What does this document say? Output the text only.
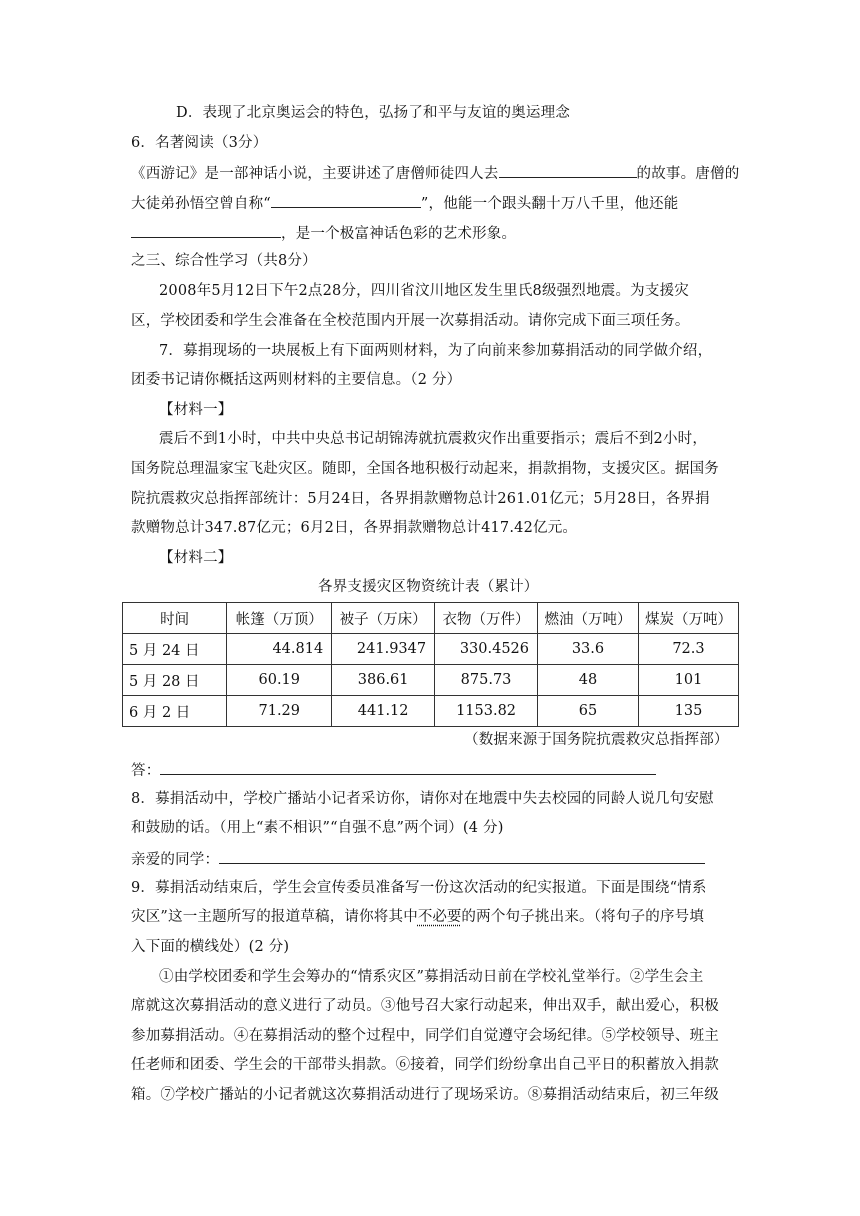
D．表现了北京奥运会的特色，弘扬了和平与友谊的奥运理念
6．名著阅读（3分）
《西游记》是一部神话小说，主要讲述了唐僧师徒四人去	的故事。唐僧的
大徒弟孙悟空曾自称“	”，他能一个跟头翻十万八千里，他还能
，是一个极富神话色彩的艺术形象。
之三、综合性学习（共8分）
2008年5月12日下午2点28分，四川省汶川地区发生里氏8级强烈地震。为支援灾
区，学校团委和学生会准备在全校范围内开展一次募捐活动。请你完成下面三项任务。
7．募捐现场的一块展板上有下面两则材料，为了向前来参加募捐活动的同学做介绍，
团委书记请你概括这两则材料的主要信息。（2 分）
【材料一】
震后不到1小时，中共中央总书记胡锦涛就抗震救灾作出重要指示；震后不到2小时，
国务院总理温家宝飞赴灾区。随即，全国各地积极行动起来，捐款捐物，支援灾区。据国务
院抗震救灾总指挥部统计：5月24日，各界捐款赠物总计261.01亿元；5月28日，各界捐
款赠物总计347.87亿元；6月2日，各界捐款赠物总计417.42亿元。
【材料二】
各界支援灾区物资统计表（累计）
时间	帐篷（万顶）	被子（万床）	衣物（万件）	燃油（万吨）	煤炭（万吨）
5 月 24 日	44.814	241.9347	330.4526	33.6	72.3
5 月 28 日	60.19	386.61	875.73	48	101
6 月 2 日	71.29	441.12	1153.82	65	135
（数据来源于国务院抗震救灾总指挥部）
答：
8．募捐活动中，学校广播站小记者采访你，请你对在地震中失去校园的同龄人说几句安慰
和鼓励的话。（用上“素不相识”“自强不息”两个词）(4 分)
亲爱的同学：
9．募捐活动结束后，学生会宣传委员准备写一份这次活动的纪实报道。下面是围绕“情系
灾区”这一主题所写的报道草稿，请你将其中不必要的两个句子挑出来。（将句子的序号填
入下面的横线处）(2 分)
①由学校团委和学生会筹办的“情系灾区”募捐活动日前在学校礼堂举行。②学生会主
席就这次募捐活动的意义进行了动员。③他号召大家行动起来，伸出双手，献出爱心，积极
参加募捐活动。④在募捐活动的整个过程中，同学们自觉遵守会场纪律。⑤学校领导、班主
任老师和团委、学生会的干部带头捐款。⑥接着，同学们纷纷拿出自己平日的积蓄放入捐款
箱。⑦学校广播站的小记者就这次募捐活动进行了现场采访。⑧募捐活动结束后，初三年级
